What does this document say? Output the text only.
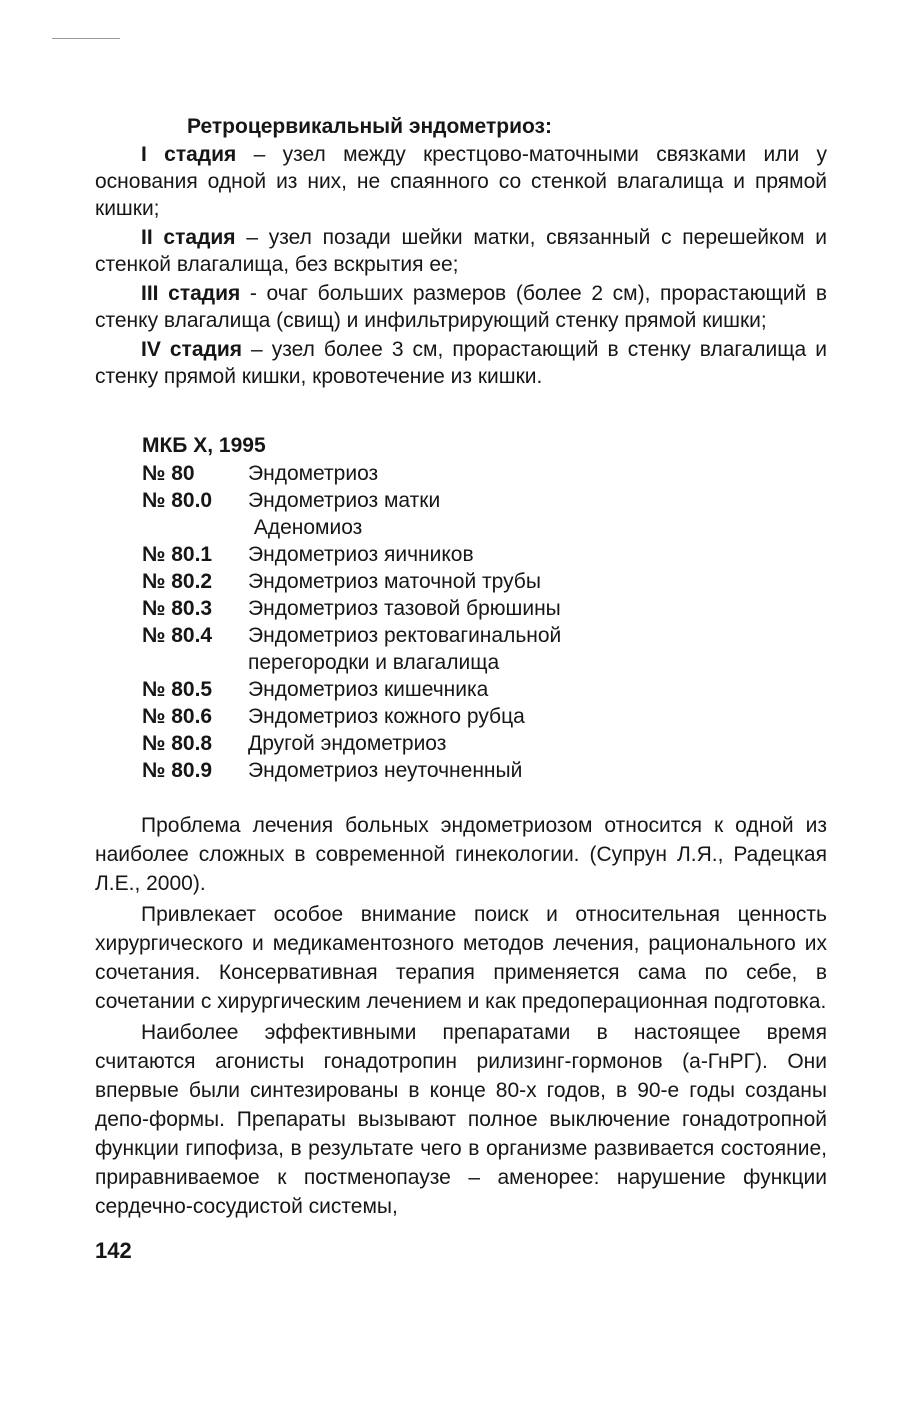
Ретроцервикальный эндометриоз:

I стадия – узел между крестцово-маточными связками или у основания одной из них, не спаянного со стенкой влагалища и прямой кишки;

II стадия – узел позади шейки матки, связанный с перешейком и стенкой влагалища, без вскрытия ее;

III стадия - очаг больших размеров (более 2 см), прорастающий в стенку влагалища (свищ) и инфильтрирующий стенку прямой кишки;

IV стадия – узел более 3 см, прорастающий в стенку влагалища и стенку прямой кишки, кровотечение из кишки.

МКБ X, 1995

№ 80	Эндометриоз
№ 80.0	Эндометриоз матки
Аденомиоз
№ 80.1	Эндометриоз яичников
№ 80.2	Эндометриоз маточной трубы
№ 80.3	Эндометриоз тазовой брюшины
№ 80.4	Эндометриоз ректовагинальной
перегородки и влагалища
№ 80.5	Эндометриоз кишечника
№ 80.6	Эндометриоз кожного рубца
№ 80.8	Другой эндометриоз
№ 80.9	Эндометриоз неуточненный

Проблема лечения больных эндометриозом относится к одной из наиболее сложных в современной гинекологии. (Супрун Л.Я., Радецкая Л.Е., 2000).

Привлекает особое внимание поиск и относительная ценность хирургического и медикаментозного методов лечения, рационального их сочетания. Консервативная терапия применяется сама по себе, в сочетании с хирургическим лечением и как предоперационная подготовка.

Наиболее эффективными препаратами в настоящее время считаются агонисты гонадотропин рилизинг-гормонов (а-ГнРГ). Они впервые были синтезированы в конце 80-х годов, в 90-е годы созданы депо-формы. Препараты вызывают полное выключение гонадотропной функции гипофиза, в результате чего в организме развивается состояние, приравниваемое к постменопаузе – аменорее: нарушение функции сердечно-сосудистой системы,

142
